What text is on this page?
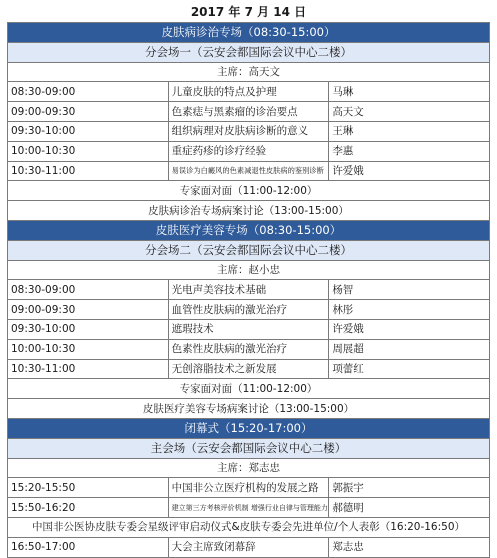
2017 年 7 月 14 日
皮肤病诊治专场（08:30-15:00）		
分会场一（云安会都国际会议中心二楼）		
主席：高天文		
08:30-09:00	儿童皮肤的特点及护理	马琳
09:00-09:30	色素痣与黑素瘤的诊治要点	高天文
09:30-10:00	组织病理对皮肤病诊断的意义	王琳
10:00-10:30	重症药疹的诊疗经验	李惠
10:30-11:00	易误诊为白癜风的色素减退性皮肤病的鉴别诊断	许爱娥
专家面对面（11:00-12:00）		
皮肤病诊治专场病案讨论（13:00-15:00）		
皮肤医疗美容专场（08:30-15:00）		
分会场二（云安会都国际会议中心二楼）		
主席：赵小忠		
08:30-09:00	光电声美容技术基础	杨智
09:00-09:30	血管性皮肤病的激光治疗	林彤
09:30-10:00	遮瑕技术	许爱娥
10:00-10:30	色素性皮肤病的激光治疗	周展超
10:30-11:00	无创溶脂技术之新发展	项蕾红
专家面对面（11:00-12:00）		
皮肤医疗美容专场病案讨论（13:00-15:00）		
闭幕式（15:20-17:00）		
主会场（云安会都国际会议中心二楼）		
主席：郑志忠		
15:20-15:50	中国非公立医疗机构的发展之路	郭振宇
15:50-16:20	建立第三方考核评价机制 增强行业自律与管理能力	郝德明
中国非公医协皮肤专委会星级评审启动仪式&皮肤专委会先进单位/个人表彰（16:20-16:50）		
16:50-17:00	大会主席致闭幕辞	郑志忠
